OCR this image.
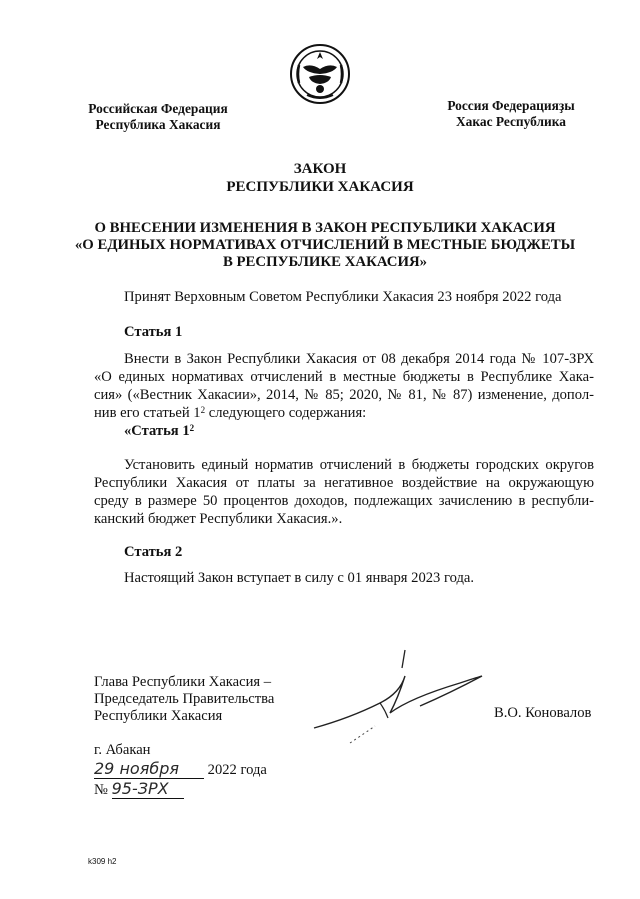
Российская Федерация
Республика Хакасия
Россия Федерацияҙы
Хакас Республика
ЗАКОН
РЕСПУБЛИКИ ХАКАСИЯ
О ВНЕСЕНИИ ИЗМЕНЕНИЯ В ЗАКОН РЕСПУБЛИКИ ХАКАСИЯ
«О ЕДИНЫХ НОРМАТИВАХ ОТЧИСЛЕНИЙ В МЕСТНЫЕ БЮДЖЕТЫ
В РЕСПУБЛИКЕ ХАКАСИЯ»
Принят Верховным Советом Республики Хакасия 23 ноября 2022 года
Статья 1
Внести в Закон Республики Хакасия от 08 декабря 2014 года № 107-ЗРХ
«О единых нормативах отчислений в местные бюджеты в Республике Хака-
сия» («Вестник Хакасии», 2014, № 85; 2020, № 81, № 87) изменение, допол-
нив его статьей $1^2$ следующего содержания:
«Статья $1^2$
Установить единый норматив отчислений в бюджеты городских округов
Республики Хакасия от платы за негативное воздействие на окружающую
среду в размере 50 процентов доходов, подлежащих зачислению в республи-
канский бюджет Республики Хакасия.».
Статья 2
Настоящий Закон вступает в силу с 01 января 2023 года.
Глава Республики Хакасия –
Председатель Правительства
Республики Хакасия	В.О. Коновалов
г. Абакан
29 ноября 2022 года
№ 95-ЗРХ
k309 h2
